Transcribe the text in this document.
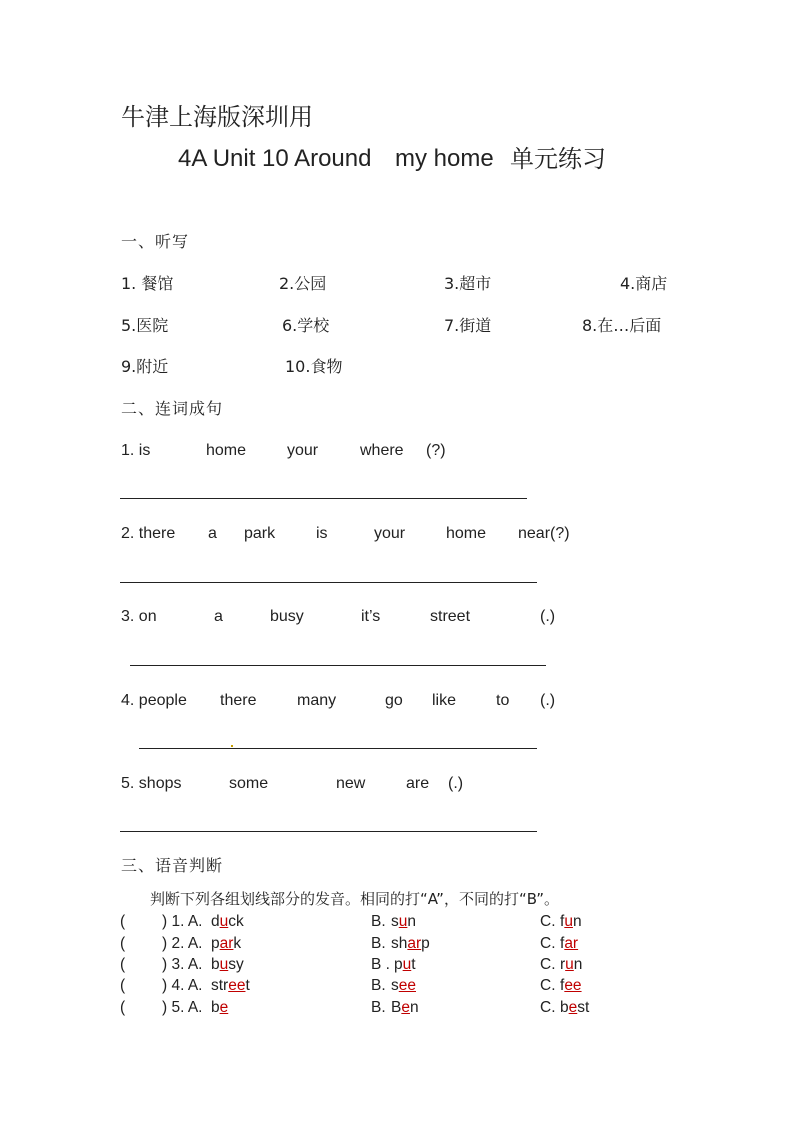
牛津上海版深圳用
4A Unit 10 Around my home 单元练习
一、听写
1. 餐馆	2.公园	3.超市	4.商店
5.医院	6.学校	7.街道	8.在…后面
9.附近	10.食物
二、连词成句
1. is	home	your	where (?)
2. there a park	is	your	home near(?)
3. on	a	busy	it’s	street	(.)
4. people there	many	go like to (.)
5. shops	some	new	are (.)
三、语音判断
判断下列各组划线部分的发音。相同的打“A”，不同的打“B”。
( ) 1. A. duck	B. sun	C. fun
( ) 2. A. park	B. sharp	C. far
( ) 3. A. busy	B . put	C. run
( ) 4. A. street	B. see	C. fee
( ) 5. A. be	B. Ben	C. best
